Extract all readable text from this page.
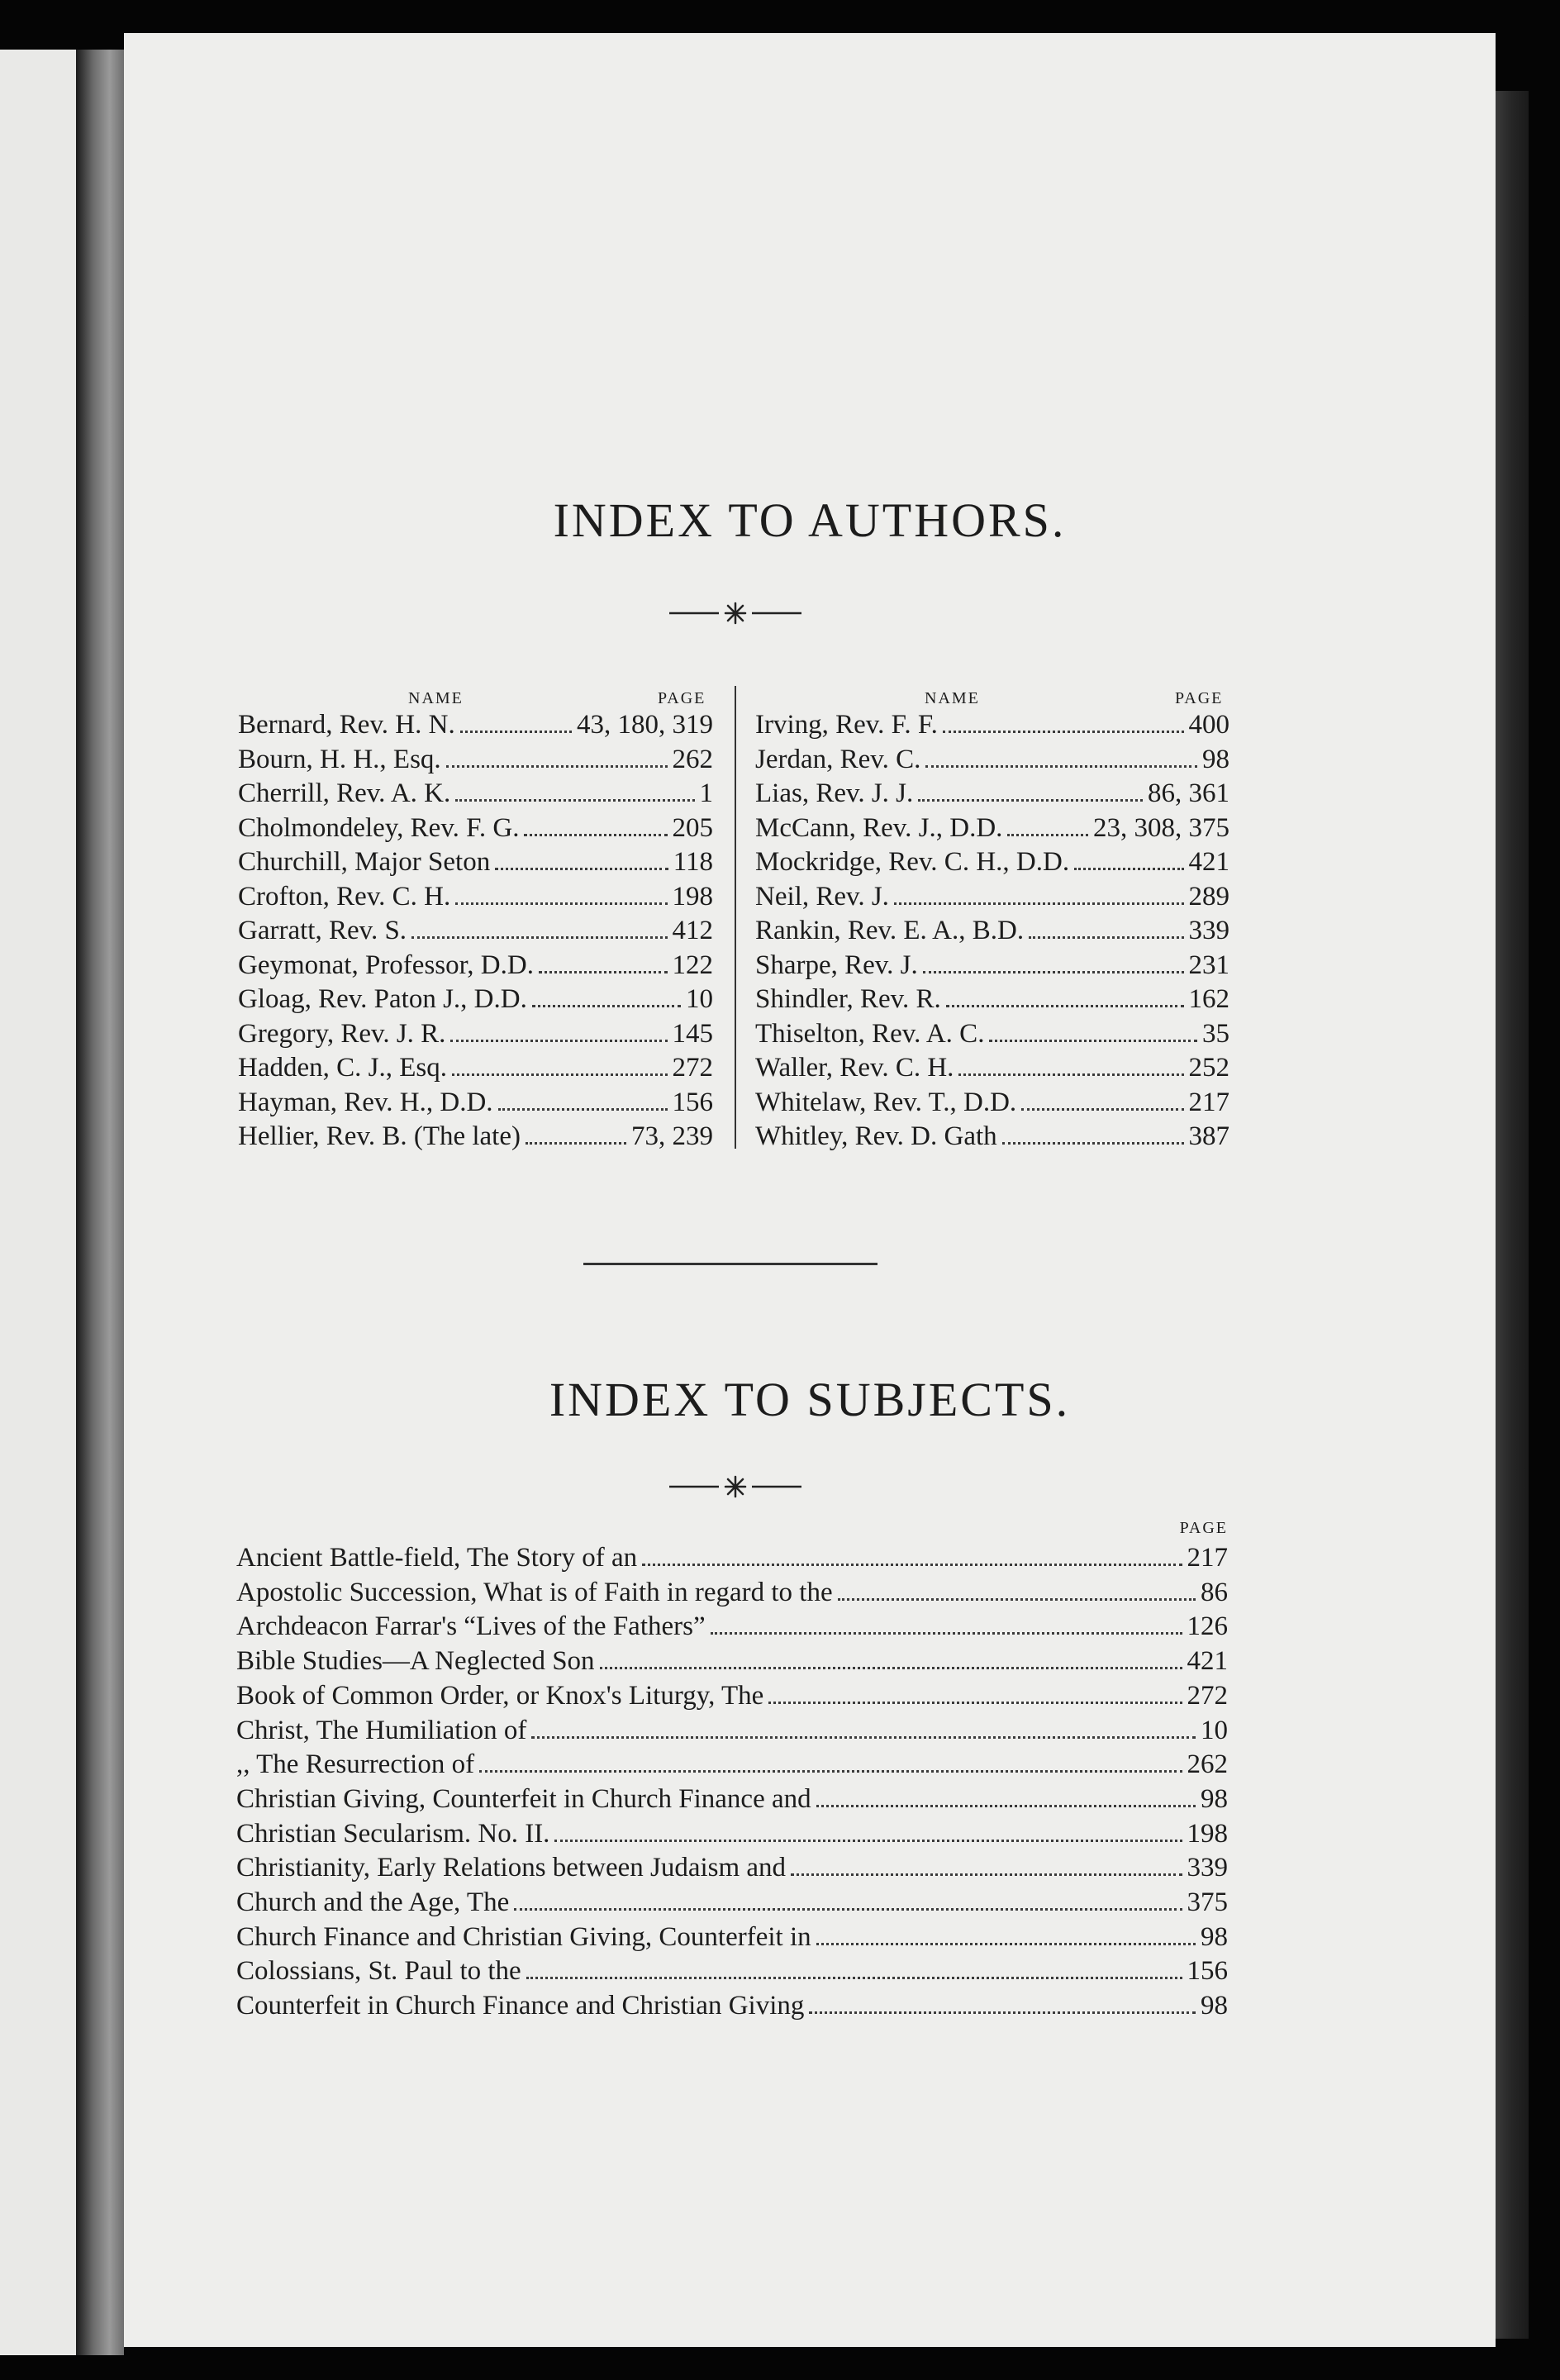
INDEX TO AUTHORS.
NAME	PAGE	NAME	PAGE
Bernard, Rev. H. N.	43, 180, 319
Bourn, H. H., Esq.	262
Cherrill, Rev. A. K.	1
Cholmondeley, Rev. F. G.	205
Churchill, Major Seton	118
Crofton, Rev. C. H.	198
Garratt, Rev. S.	412
Geymonat, Professor, D.D.	122
Gloag, Rev. Paton J., D.D.	10
Gregory, Rev. J. R.	145
Hadden, C. J., Esq.	272
Hayman, Rev. H., D.D.	156
Hellier, Rev. B. (The late)	73, 239
Irving, Rev. F. F.	400
Jerdan, Rev. C.	98
Lias, Rev. J. J.	86, 361
McCann, Rev. J., D.D.	23, 308, 375
Mockridge, Rev. C. H., D.D.	421
Neil, Rev. J.	289
Rankin, Rev. E. A., B.D.	339
Sharpe, Rev. J.	231
Shindler, Rev. R.	162
Thiselton, Rev. A. C.	35
Waller, Rev. C. H.	252
Whitelaw, Rev. T., D.D.	217
Whitley, Rev. D. Gath	387
INDEX TO SUBJECTS.
PAGE
Ancient Battle-field, The Story of an	217
Apostolic Succession, What is of Faith in regard to the	86
Archdeacon Farrar's “Lives of the Fathers”	126
Bible Studies—A Neglected Son	421
Book of Common Order, or Knox's Liturgy, The	272
Christ, The Humiliation of	10
,, The Resurrection of	262
Christian Giving, Counterfeit in Church Finance and	98
Christian Secularism. No. II.	198
Christianity, Early Relations between Judaism and	339
Church and the Age, The	375
Church Finance and Christian Giving, Counterfeit in	98
Colossians, St. Paul to the	156
Counterfeit in Church Finance and Christian Giving	98
